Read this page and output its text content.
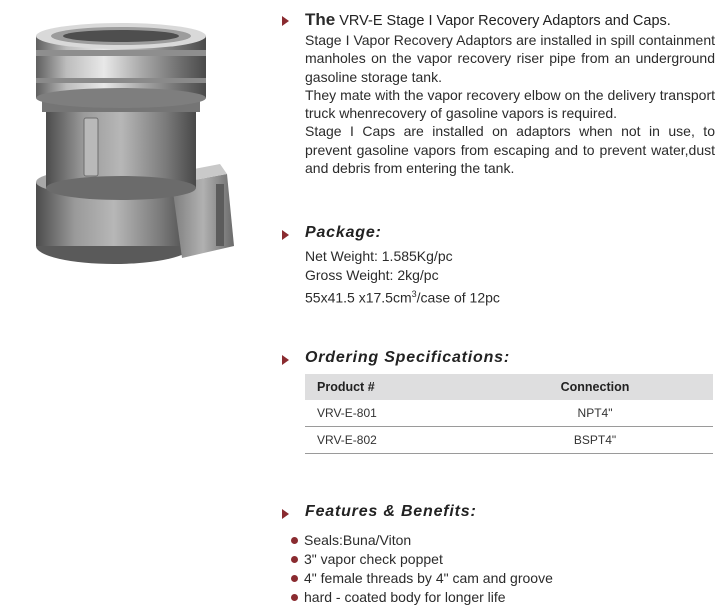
The VRV-E Stage I Vapor Recovery Adaptors and Caps.

Stage I Vapor Recovery Adaptors are installed in spill containment manholes on the vapor recovery riser pipe from an underground gasoline storage tank.

They mate with the vapor recovery elbow on the delivery transport truck whenrecovery of gasoline vapors is required.

Stage I Caps are installed on adaptors when not in use, to prevent gasoline vapors from escaping and to prevent water,dust and debris from entering the tank.

Package:
Net Weight: 1.585Kg/pc
Gross Weight: 2kg/pc
55x41.5 $x17.5cm^3$/case of 12pc
Ordering Specifications:
Product #	Connection
VRV-E-801	NPT4"
VRV-E-802	BSPT4"
Features & Benefits:
Seals:Buna/Viton
3" vapor check poppet
4" female threads by 4" cam and groove
hard - coated body for longer life
